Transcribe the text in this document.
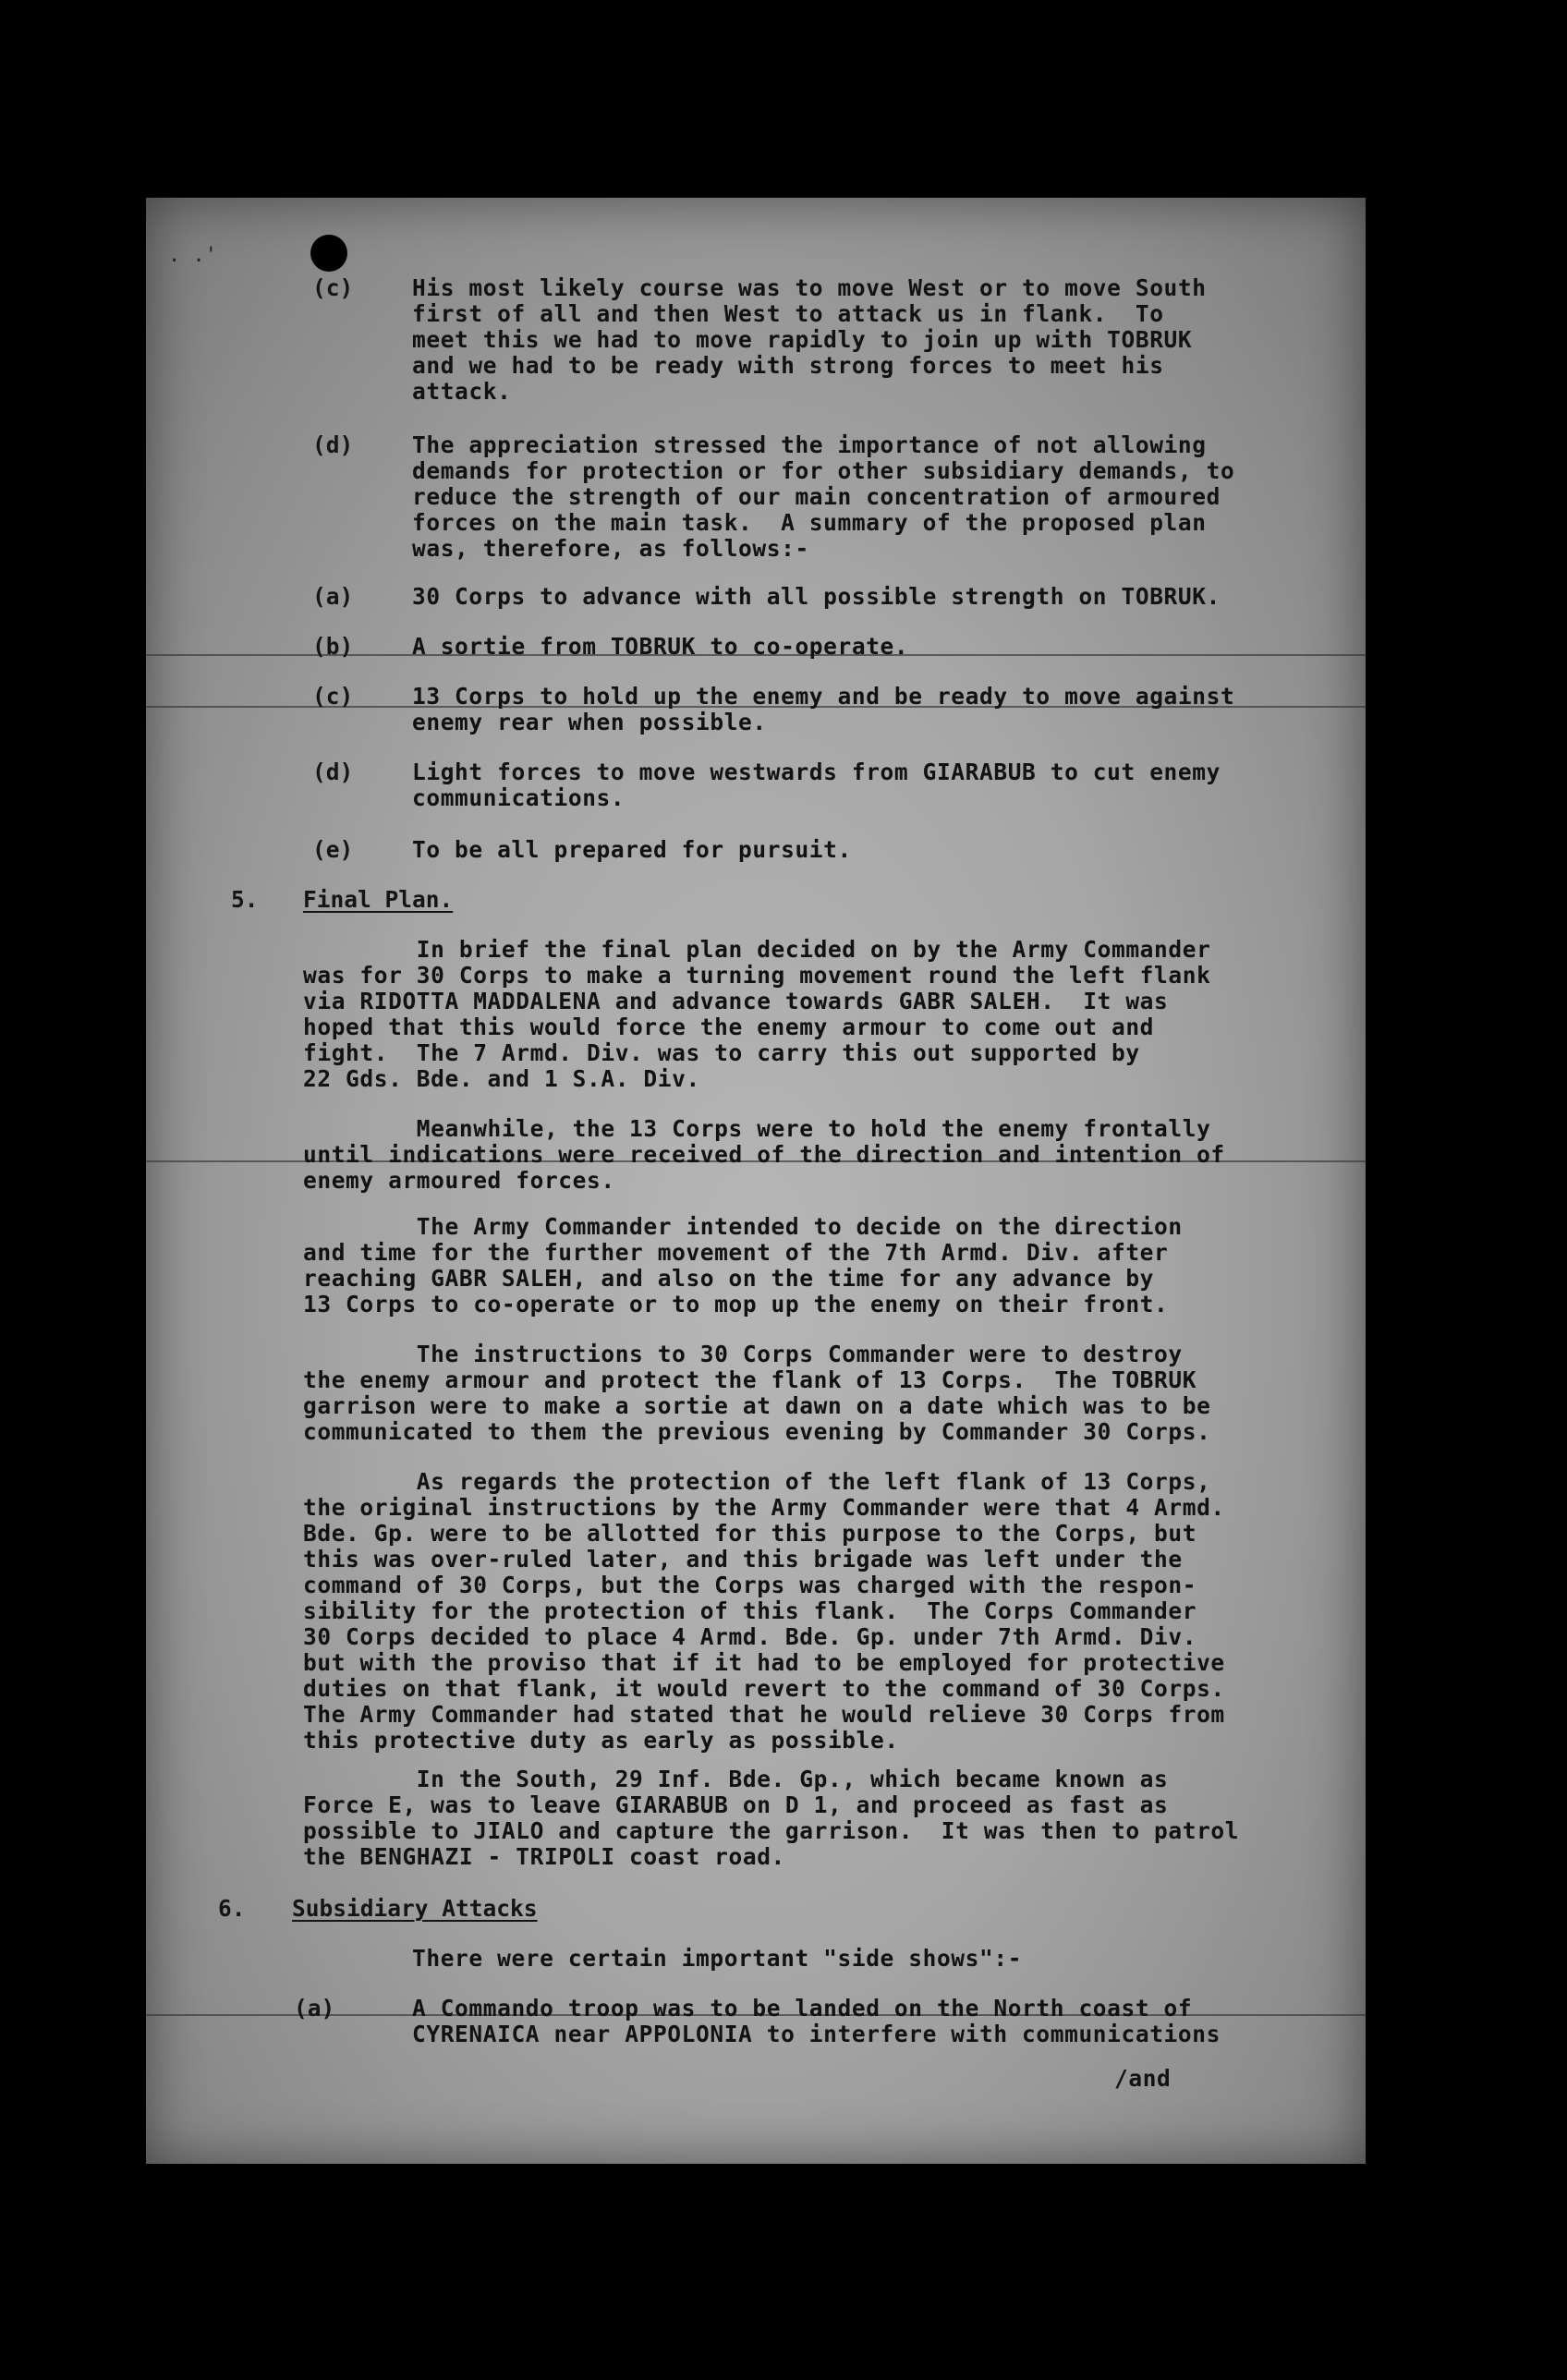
. .'
(c)	His most likely course was to move West or to move South
first of all and then West to attack us in flank.  To
meet this we had to move rapidly to join up with TOBRUK
and we had to be ready with strong forces to meet his
attack.
(d)	The appreciation stressed the importance of not allowing
demands for protection or for other subsidiary demands, to
reduce the strength of our main concentration of armoured
forces on the main task.  A summary of the proposed plan
was, therefore, as follows:-
(a)	30 Corps to advance with all possible strength on TOBRUK.
(b)	A sortie from TOBRUK to co-operate.
(c)	13 Corps to hold up the enemy and be ready to move against
enemy rear when possible.
(d)	Light forces to move westwards from GIARABUB to cut enemy
communications.
(e)	To be all prepared for pursuit.
5. Final Plan.
In brief the final plan decided on by the Army Commander
was for 30 Corps to make a turning movement round the left flank
via RIDOTTA MADDALENA and advance towards GABR SALEH.  It was
hoped that this would force the enemy armour to come out and
fight.  The 7 Armd. Div. was to carry this out supported by
22 Gds. Bde. and 1 S.A. Div.
Meanwhile, the 13 Corps were to hold the enemy frontally
until indications were received of the direction and intention of
enemy armoured forces.
The Army Commander intended to decide on the direction
and time for the further movement of the 7th Armd. Div. after
reaching GABR SALEH, and also on the time for any advance by
13 Corps to co-operate or to mop up the enemy on their front.
The instructions to 30 Corps Commander were to destroy
the enemy armour and protect the flank of 13 Corps.  The TOBRUK
garrison were to make a sortie at dawn on a date which was to be
communicated to them the previous evening by Commander 30 Corps.
As regards the protection of the left flank of 13 Corps,
the original instructions by the Army Commander were that 4 Armd.
Bde. Gp. were to be allotted for this purpose to the Corps, but
this was over-ruled later, and this brigade was left under the
command of 30 Corps, but the Corps was charged with the respon-
sibility for the protection of this flank.  The Corps Commander
30 Corps decided to place 4 Armd. Bde. Gp. under 7th Armd. Div.
but with the proviso that if it had to be employed for protective
duties on that flank, it would revert to the command of 30 Corps.
The Army Commander had stated that he would relieve 30 Corps from
this protective duty as early as possible.
In the South, 29 Inf. Bde. Gp., which became known as
Force E, was to leave GIARABUB on D 1, and proceed as fast as
possible to JIALO and capture the garrison.  It was then to patrol
the BENGHAZI - TRIPOLI coast road.
6. Subsidiary Attacks
There were certain important "side shows":-
(a)	A Commando troop was to be landed on the North coast of
CYRENAICA near APPOLONIA to interfere with communications
/and
